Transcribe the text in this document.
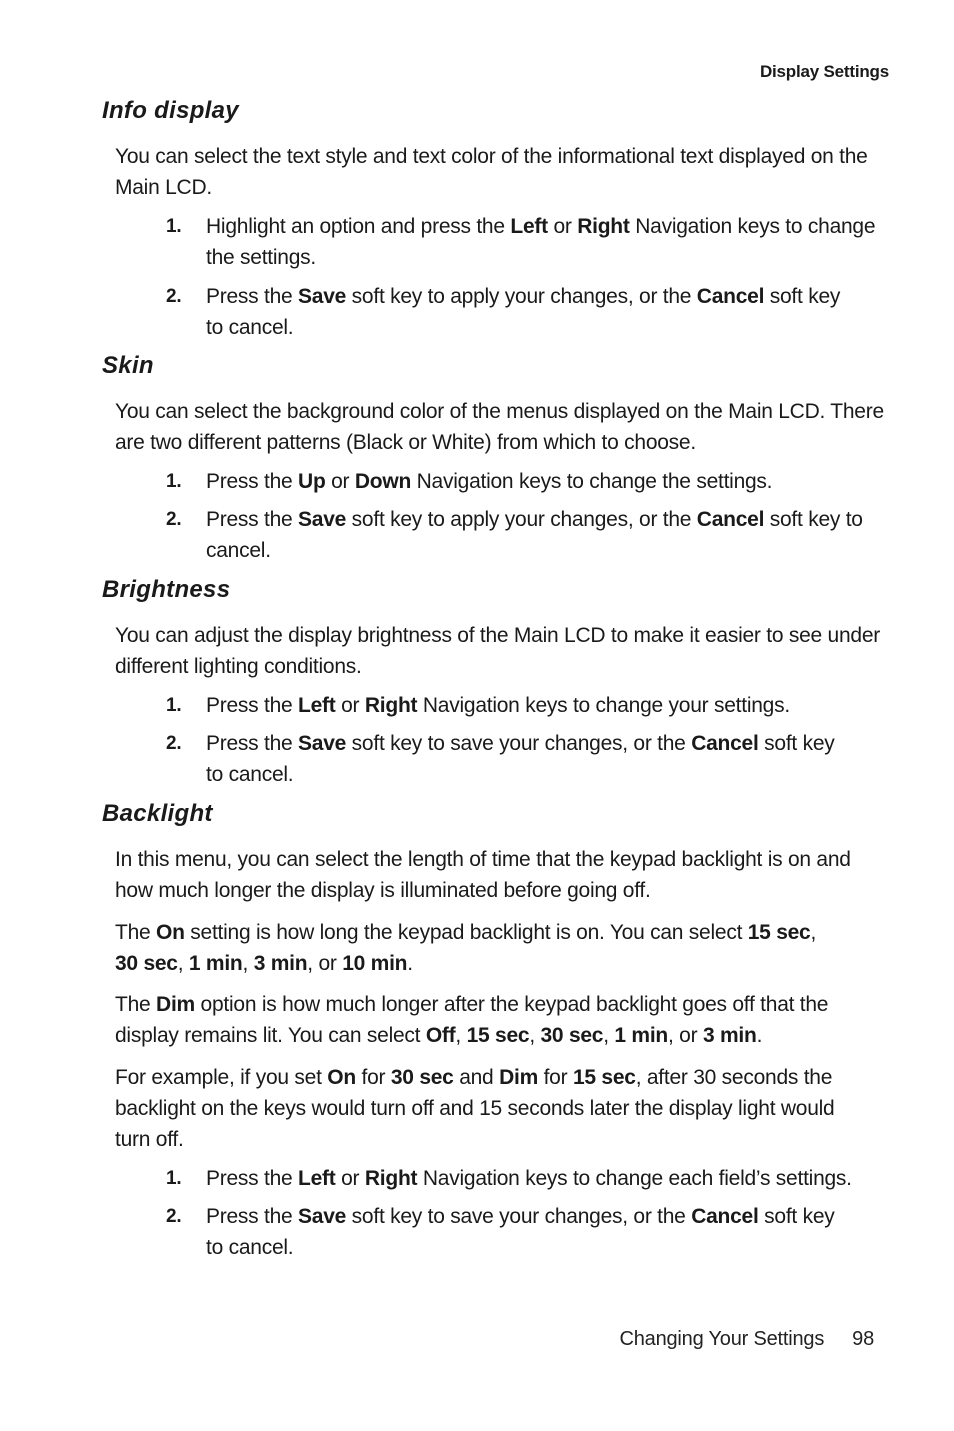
Display Settings
Info display

You can select the text style and text color of the informational text displayed on the
Main LCD.

1. Highlight an option and press the Left or Right Navigation keys to change
the settings.
2. Press the Save soft key to apply your changes, or the Cancel soft key
to cancel.
Skin

You can select the background color of the menus displayed on the Main LCD. There
are two different patterns (Black or White) from which to choose.

1. Press the Up or Down Navigation keys to change the settings.
2. Press the Save soft key to apply your changes, or the Cancel soft key to
cancel.
Brightness

You can adjust the display brightness of the Main LCD to make it easier to see under
different lighting conditions.

1. Press the Left or Right Navigation keys to change your settings.
2. Press the Save soft key to save your changes, or the Cancel soft key
to cancel.
Backlight

In this menu, you can select the length of time that the keypad backlight is on and
how much longer the display is illuminated before going off.

The On setting is how long the keypad backlight is on. You can select 15 sec,
30 sec, 1 min, 3 min, or 10 min.

The Dim option is how much longer after the keypad backlight goes off that the
display remains lit. You can select Off, 15 sec, 30 sec, 1 min, or 3 min.

For example, if you set On for 30 sec and Dim for 15 sec, after 30 seconds the
backlight on the keys would turn off and 15 seconds later the display light would
turn off.

1. Press the Left or Right Navigation keys to change each field’s settings.
2. Press the Save soft key to save your changes, or the Cancel soft key
to cancel.
Changing Your Settings 98
